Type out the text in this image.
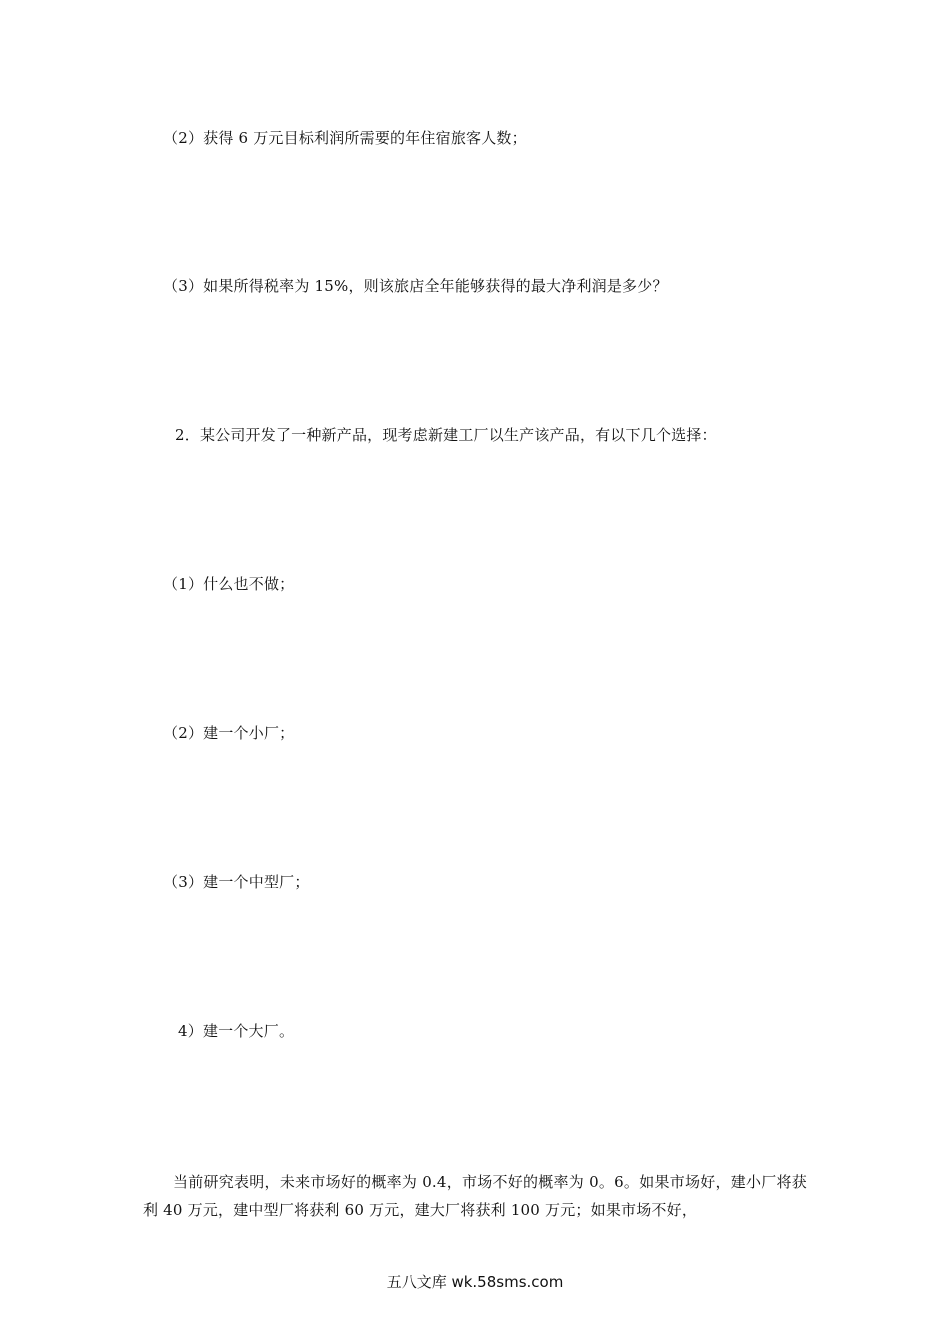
（2）获得 6 万元目标利润所需要的年住宿旅客人数；
（3）如果所得税率为 15%，则该旅店全年能够获得的最大净利润是多少？
2．某公司开发了一种新产品，现考虑新建工厂以生产该产品，有以下几个选择：
（1）什么也不做；
（2）建一个小厂；
（3）建一个中型厂；
4）建一个大厂。

当前研究表明，未来市场好的概率为 0.4，市场不好的概率为 0。6。如果市场好，建小厂将获利 40 万元，建中型厂将获利 60 万元，建大厂将获利 100 万元；如果市场不好，

五八文库 wk.58sms.com
